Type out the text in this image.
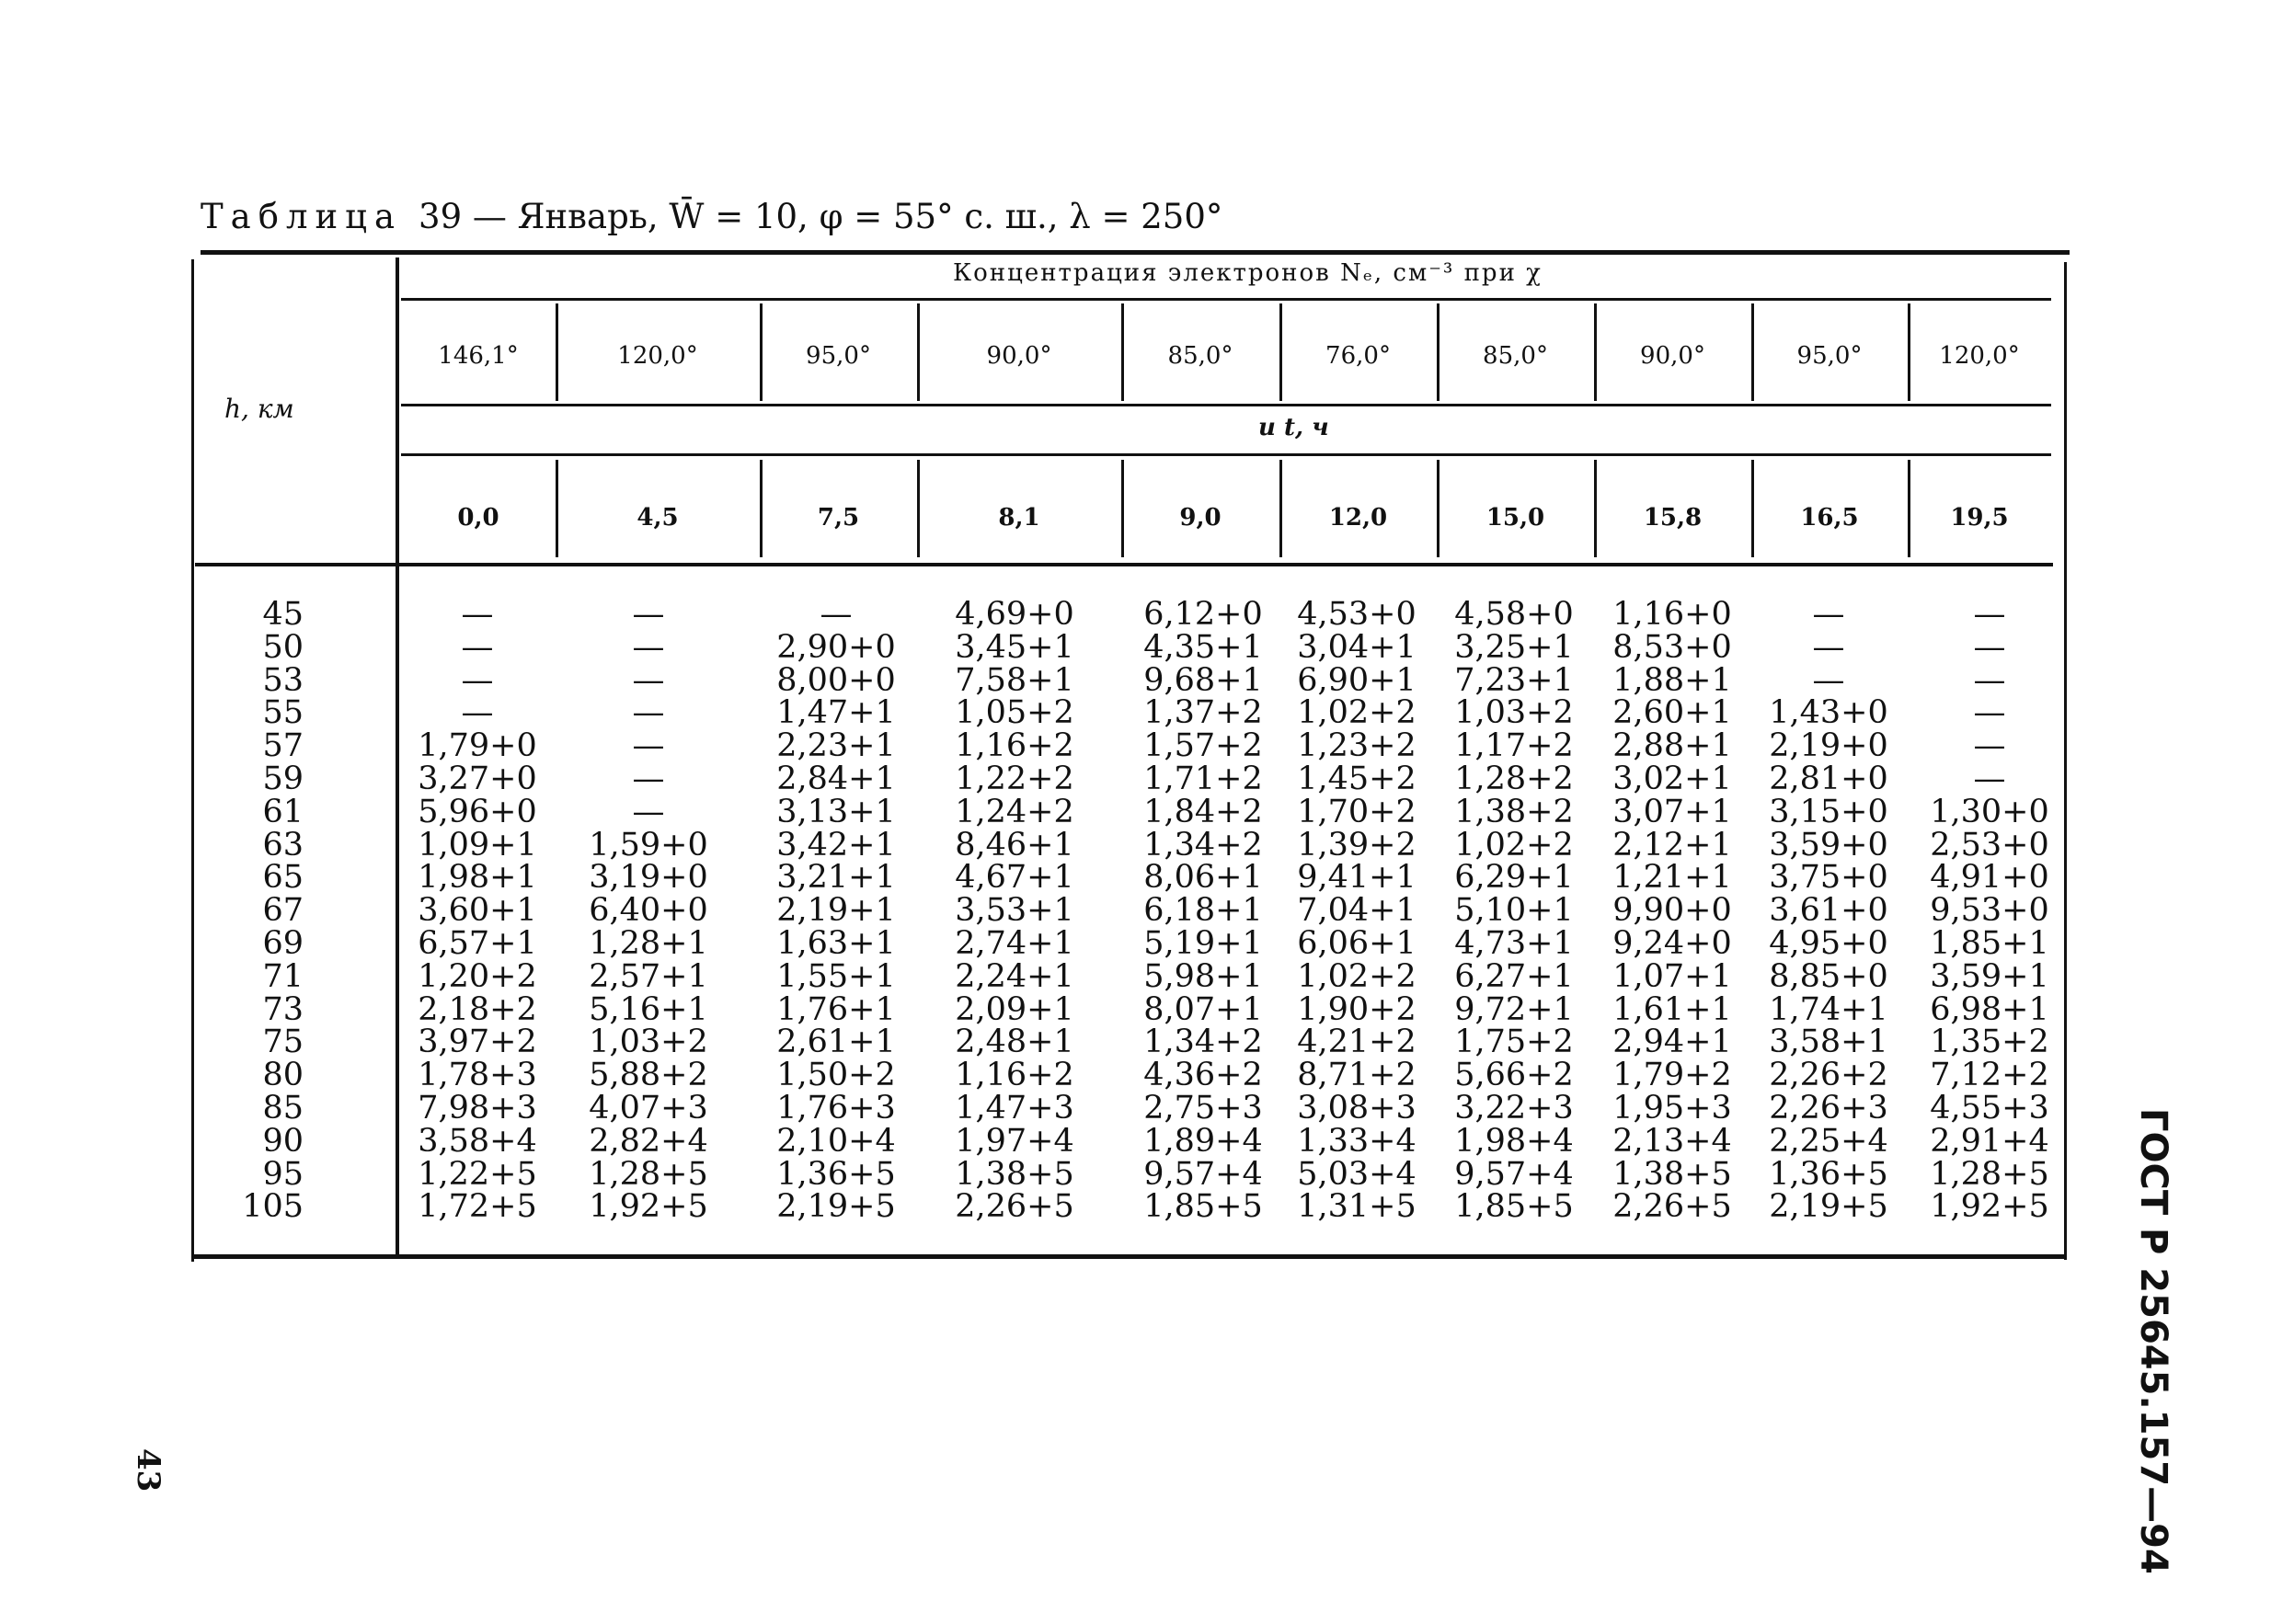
Таблица 39 — Январь, W̄ = 10, φ = 55° с. ш., λ = 250°
h, км
Концентрация электронов Nₑ, см⁻³ при χ
и t, ч
146,1°	120,0°	95,0°	90,0°	85,0°	76,0°	85,0°	90,0°	95,0°	120,0°
0,0	4,5	7,5	8,1	9,0	12,0	15,0	15,8	16,5	19,5
45	—	—	—	4,69+0	6,12+0	4,53+0	4,58+0	1,16+0	—	—
50	—	—	2,90+0	3,45+1	4,35+1	3,04+1	3,25+1	8,53+0	—	—
53	—	—	8,00+0	7,58+1	9,68+1	6,90+1	7,23+1	1,88+1	—	—
55	—	—	1,47+1	1,05+2	1,37+2	1,02+2	1,03+2	2,60+1	1,43+0	—
57	1,79+0	—	2,23+1	1,16+2	1,57+2	1,23+2	1,17+2	2,88+1	2,19+0	—
59	3,27+0	—	2,84+1	1,22+2	1,71+2	1,45+2	1,28+2	3,02+1	2,81+0	—
61	5,96+0	—	3,13+1	1,24+2	1,84+2	1,70+2	1,38+2	3,07+1	3,15+0	1,30+0
63	1,09+1	1,59+0	3,42+1	8,46+1	1,34+2	1,39+2	1,02+2	2,12+1	3,59+0	2,53+0
65	1,98+1	3,19+0	3,21+1	4,67+1	8,06+1	9,41+1	6,29+1	1,21+1	3,75+0	4,91+0
67	3,60+1	6,40+0	2,19+1	3,53+1	6,18+1	7,04+1	5,10+1	9,90+0	3,61+0	9,53+0
69	6,57+1	1,28+1	1,63+1	2,74+1	5,19+1	6,06+1	4,73+1	9,24+0	4,95+0	1,85+1
71	1,20+2	2,57+1	1,55+1	2,24+1	5,98+1	1,02+2	6,27+1	1,07+1	8,85+0	3,59+1
73	2,18+2	5,16+1	1,76+1	2,09+1	8,07+1	1,90+2	9,72+1	1,61+1	1,74+1	6,98+1
75	3,97+2	1,03+2	2,61+1	2,48+1	1,34+2	4,21+2	1,75+2	2,94+1	3,58+1	1,35+2
80	1,78+3	5,88+2	1,50+2	1,16+2	4,36+2	8,71+2	5,66+2	1,79+2	2,26+2	7,12+2
85	7,98+3	4,07+3	1,76+3	1,47+3	2,75+3	3,08+3	3,22+3	1,95+3	2,26+3	4,55+3
90	3,58+4	2,82+4	2,10+4	1,97+4	1,89+4	1,33+4	1,98+4	2,13+4	2,25+4	2,91+4
95	1,22+5	1,28+5	1,36+5	1,38+5	9,57+4	5,03+4	9,57+4	1,38+5	1,36+5	1,28+5
105	1,72+5	1,92+5	2,19+5	2,26+5	1,85+5	1,31+5	1,85+5	2,26+5	2,19+5	1,92+5	ГОСТ Р 25645.157—94
43
